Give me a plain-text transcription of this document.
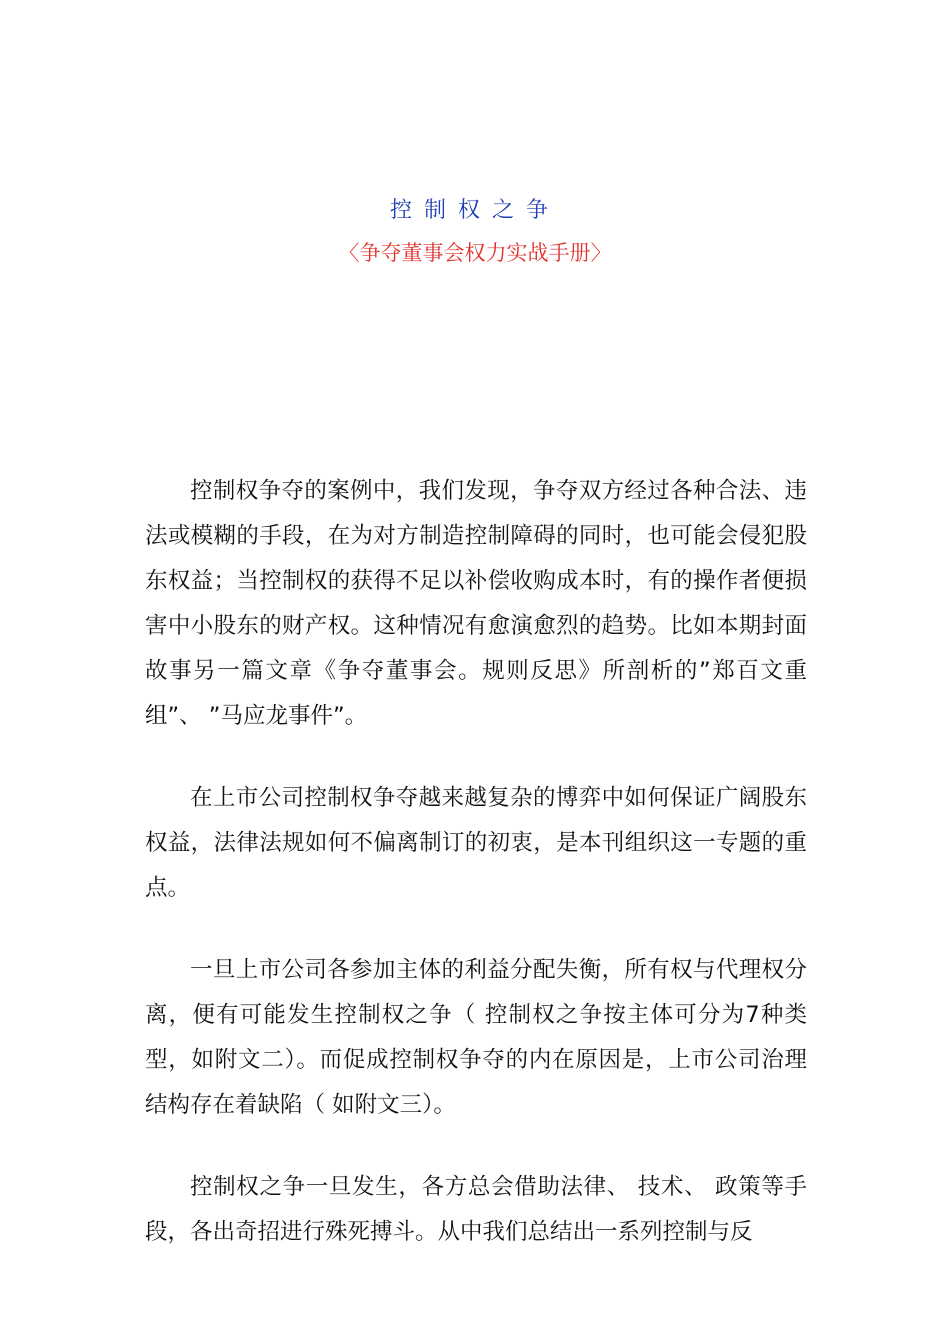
控制权之争
〈争夺董事会权力实战手册〉

控制权争夺的案例中，我们发现，争夺双方经过各种合法、违法或模糊的手段，在为对方制造控制障碍的同时，也可能会侵犯股东权益；当控制权的获得不足以补偿收购成本时，有的操作者便损害中小股东的财产权。这种情况有愈演愈烈的趋势。比如本期封面故事另一篇文章《争夺董事会。规则反思》所剖析的”郑百文重组”、 ”马应龙事件”。

在上市公司控制权争夺越来越复杂的博弈中如何保证广阔股东权益，法律法规如何不偏离制订的初衷，是本刊组织这一专题的重点。

一旦上市公司各参加主体的利益分配失衡，所有权与代理权分离，便有可能发生控制权之争（ 控制权之争按主体可分为7种类型，如附文二）。而促成控制权争夺的内在原因是，上市公司治理结构存在着缺陷（ 如附文三）。

控制权之争一旦发生，各方总会借助法律、 技术、 政策等手段，各出奇招进行殊死搏斗。从中我们总结出一系列控制与反
